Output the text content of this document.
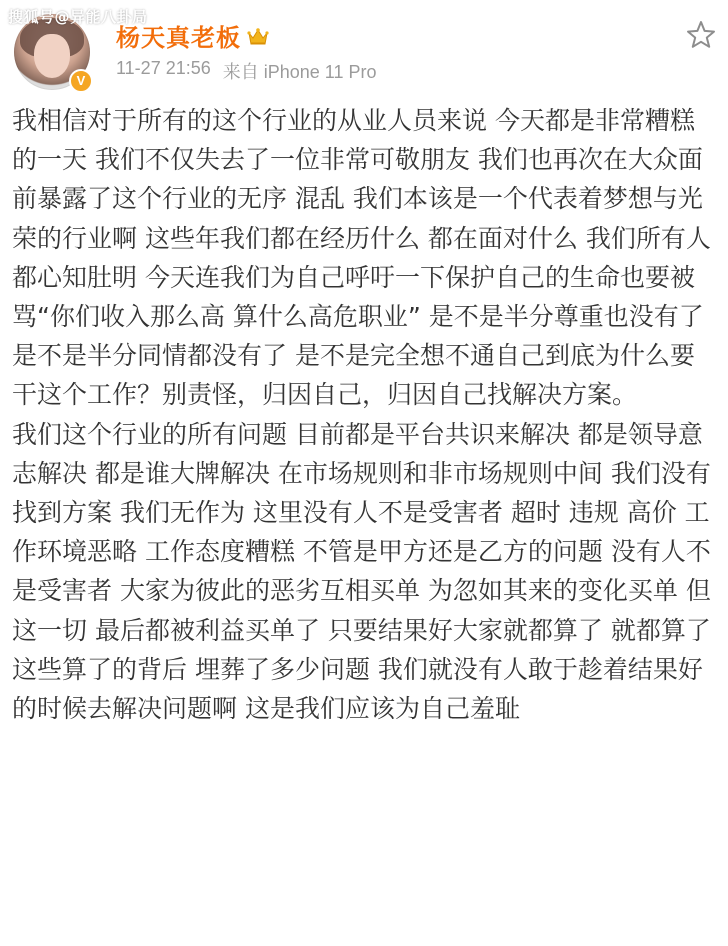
搜狐号@异能八卦局
V
杨天真老板
11-27 21:56 来自 iPhone 11 Pro

我相信对于所有的这个行业的从业人员来说 今天都是非常糟糕的一天 我们不仅失去了一位非常可敬朋友 我们也再次在大众面前暴露了这个行业的无序 混乱 我们本该是一个代表着梦想与光荣的行业啊 这些年我们都在经历什么 都在面对什么 我们所有人都心知肚明 今天连我们为自己呼吁一下保护自己的生命也要被骂“你们收入那么高 算什么高危职业” 是不是半分尊重也没有了 是不是半分同情都没有了 是不是完全想不通自己到底为什么要干这个工作？别责怪，归因自己，归因自己找解决方案。

我们这个行业的所有问题 目前都是平台共识来解决 都是领导意志解决 都是谁大牌解决 在市场规则和非市场规则中间 我们没有找到方案 我们无作为 这里没有人不是受害者 超时 违规 高价 工作环境恶略 工作态度糟糕 不管是甲方还是乙方的问题 没有人不是受害者 大家为彼此的恶劣互相买单 为忽如其来的变化买单 但这一切 最后都被利益买单了 只要结果好大家就都算了 就都算了 这些算了的背后 埋葬了多少问题 我们就没有人敢于趁着结果好的时候去解决问题啊 这是我们应该为自己羞耻
